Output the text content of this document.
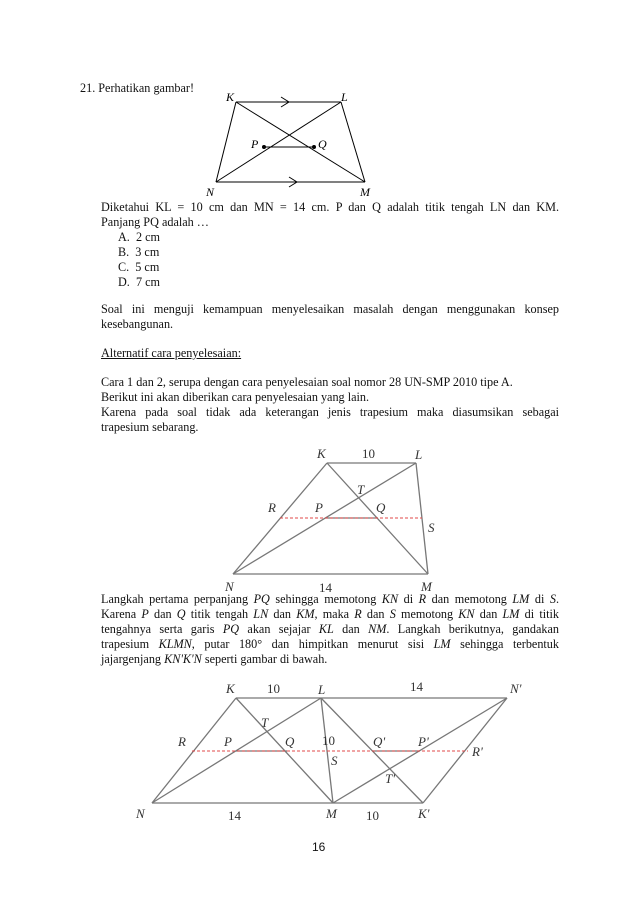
21. Perhatikan gambar!
K	L
P	Q
N	M
Diketahui KL = 10 cm dan MN = 14 cm. P dan Q adalah titik tengah LN dan KM.
Panjang PQ adalah …
A. 2 cm
B. 3 cm
C. 5 cm
D. 7 cm
Soal ini menguji kemampuan menyelesaikan masalah dengan menggunakan konsep
kesebangunan.
Alternatif cara penyelesaian:
Cara 1 dan 2, serupa dengan cara penyelesaian soal nomor 28 UN-SMP 2010 tipe A.
Berikut ini akan diberikan cara penyelesaian yang lain.
Karena pada soal tidak ada keterangan jenis trapesium maka diasumsikan sebagai
trapesium sebarang.
K	10	L
T
R	P	Q
S
N	14	M
Langkah pertama perpanjang PQ sehingga memotong KN di R dan memotong LM di S.
Karena P dan Q titik tengah LN dan KM, maka R dan S memotong KN dan LM di titik
tengahnya serta garis PQ akan sejajar KL dan NM. Langkah berikutnya, gandakan
trapesium KLMN, putar 180° dan himpitkan menurut sisi LM sehingga terbentuk
jajargenjang KN'K'N seperti gambar di bawah.
K 10	L	14	N'
T
R	P	Q 10	Q'	P'
R'
S
T'
N	14	M 10	K'
16
